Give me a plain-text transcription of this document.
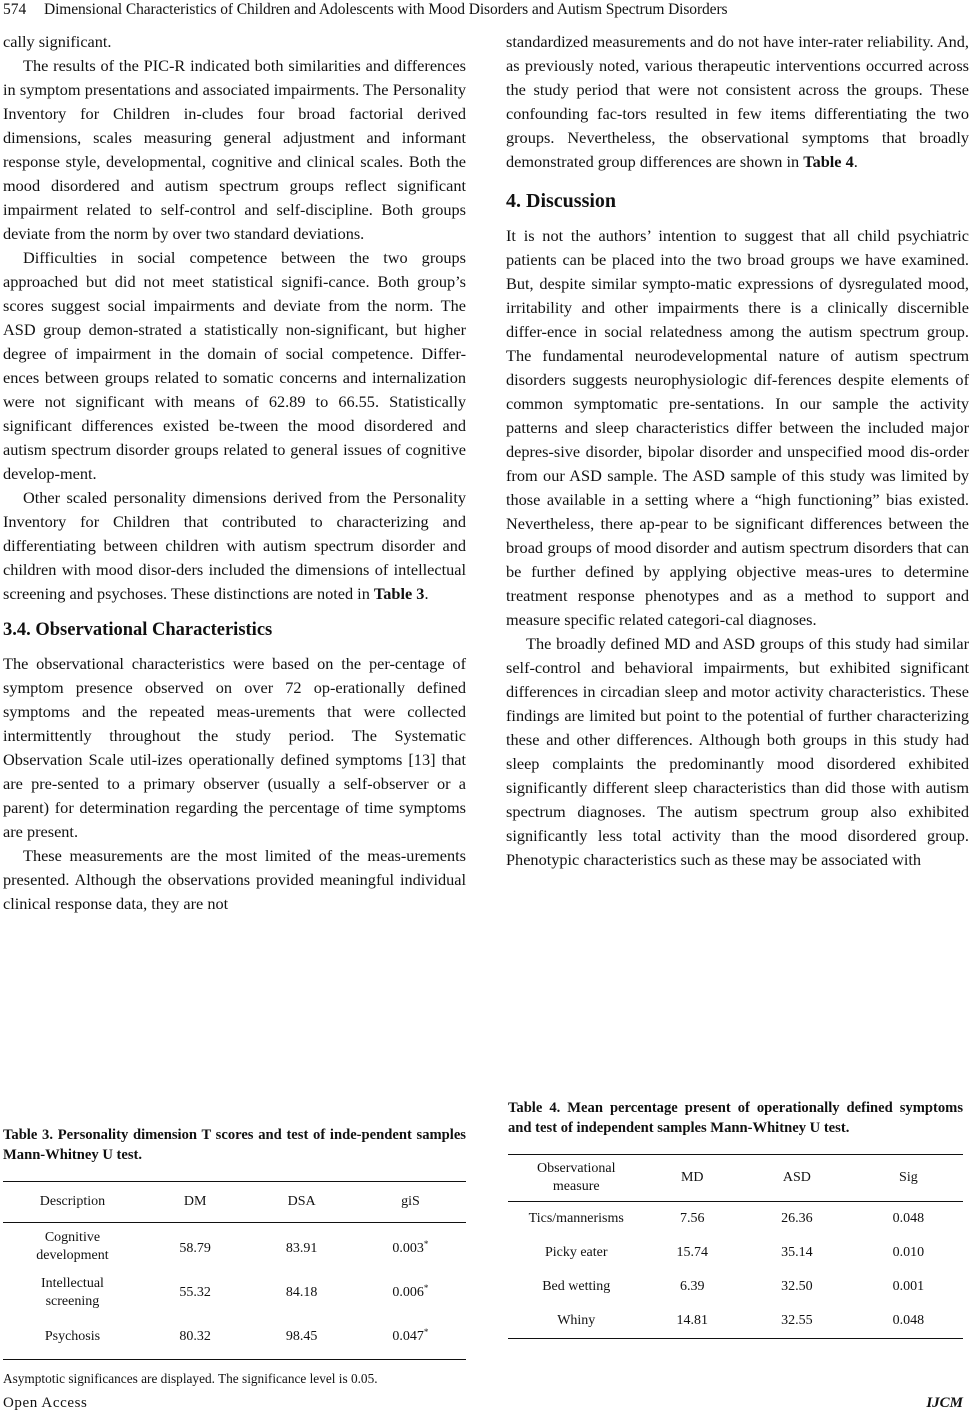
574 Dimensional Characteristics of Children and Adolescents with Mood Disorders and Autism Spectrum Disorders

cally significant.

The results of the PIC-R indicated both similarities and differences in symptom presentations and associated impairments. The Personality Inventory for Children in-cludes four broad factorial derived dimensions, scales measuring general adjustment and informant response style, developmental, cognitive and clinical scales. Both the mood disordered and autism spectrum groups reflect significant impairment related to self-control and self-discipline. Both groups deviate from the norm by over two standard deviations.

Difficulties in social competence between the two groups approached but did not meet statistical signifi-cance. Both group’s scores suggest social impairments and deviate from the norm. The ASD group demon-strated a statistically non-significant, but higher degree of impairment in the domain of social competence. Differ-ences between groups related to somatic concerns and internalization were not significant with means of 62.89 to 66.55. Statistically significant differences existed be-tween the mood disordered and autism spectrum disorder groups related to general issues of cognitive develop-ment.

Other scaled personality dimensions derived from the Personality Inventory for Children that contributed to characterizing and differentiating between children with autism spectrum disorder and children with mood disor-ders included the dimensions of intellectual screening and psychoses. These distinctions are noted in Table 3.

3.4. Observational Characteristics

The observational characteristics were based on the per-centage of symptom presence observed on over 72 op-erationally defined symptoms and the repeated meas-urements that were collected intermittently throughout the study period. The Systematic Observation Scale util-izes operationally defined symptoms [13] that are pre-sented to a primary observer (usually a self-observer or a parent) for determination regarding the percentage of time symptoms are present.

These measurements are the most limited of the meas-urements presented. Although the observations provided meaningful individual clinical response data, they are not

standardized measurements and do not have inter-rater reliability. And, as previously noted, various therapeutic interventions occurred across the study period that were not consistent across the groups. These confounding fac-tors resulted in few items differentiating the two groups. Nevertheless, the observational symptoms that broadly demonstrated group differences are shown in Table 4.

4. Discussion

It is not the authors’ intention to suggest that all child psychiatric patients can be placed into the two broad groups we have examined. But, despite similar sympto-matic expressions of dysregulated mood, irritability and other impairments there is a clinically discernible differ-ence in social relatedness among the autism spectrum group. The fundamental neurodevelopmental nature of autism spectrum disorders suggests neurophysiologic dif-ferences despite elements of common symptomatic pre-sentations. In our sample the activity patterns and sleep characteristics differ between the included major depres-sive disorder, bipolar disorder and unspecified mood dis-order from our ASD sample. The ASD sample of this study was limited by those available in a setting where a “high functioning” bias existed. Nevertheless, there ap-pear to be significant differences between the broad groups of mood disorder and autism spectrum disorders that can be further defined by applying objective meas-ures to determine treatment response phenotypes and as a method to support and measure specific related categori-cal diagnoses.

The broadly defined MD and ASD groups of this study had similar self-control and behavioral impairments, but exhibited significant differences in circadian sleep and motor activity characteristics. These findings are limited but point to the potential of further characterizing these and other differences. Although both groups in this study had sleep complaints the predominantly mood disordered exhibited significantly different sleep characteristics than did those with autism spectrum diagnoses. The autism spectrum group also exhibited significantly less total activity than the mood disordered group. Phenotypic characteristics such as these may be associated with

Table 3. Personality dimension T scores and test of inde-pendent samples Mann-Whitney U test.
Description	DM	DSA	giS
Cognitive development	58.79	83.91	0.003*
Intellectual screening	55.32	84.18	0.006*
Psychosis	80.32	98.45	0.047*
Asymptotic significances are displayed. The significance level is 0.05.
Table 4. Mean percentage present of operationally defined symptoms and test of independent samples Mann-Whitney U test.
Observational measure	MD	ASD	Sig
Tics/mannerisms	7.56	26.36	0.048
Picky eater	15.74	35.14	0.010
Bed wetting	6.39	32.50	0.001
Whiny	14.81	32.55	0.048
Open Access	IJCM
